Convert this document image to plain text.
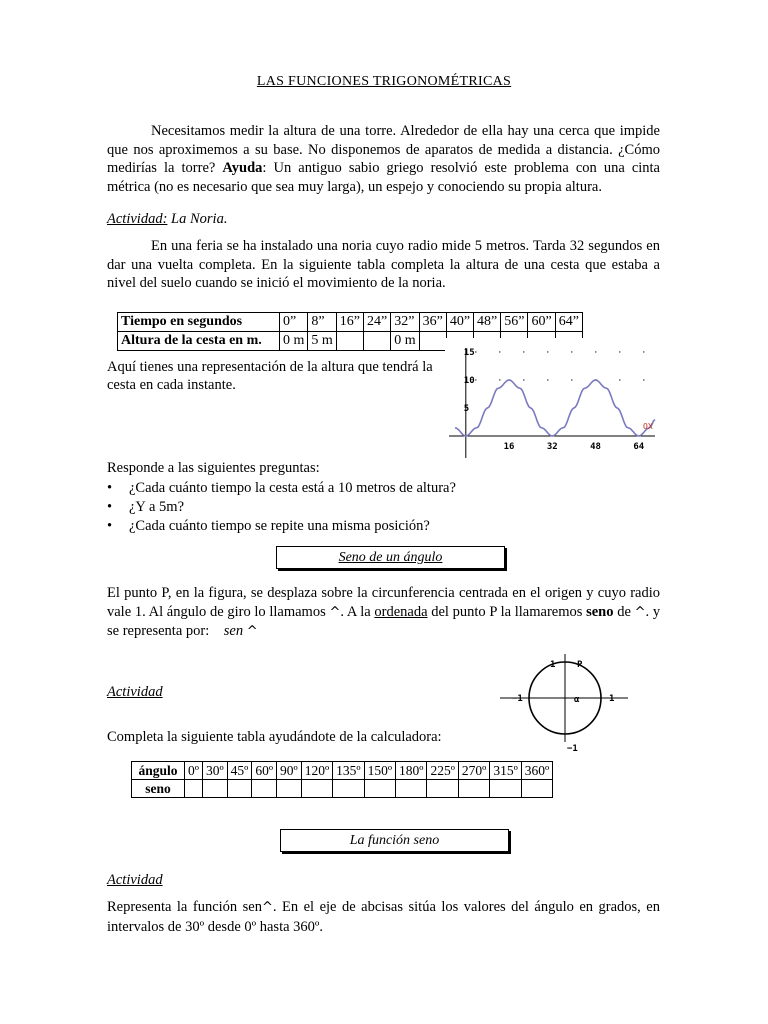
LAS FUNCIONES TRIGONOMÉTRICAS
Necesitamos medir la altura de una torre. Alrededor de ella hay una cerca que impide que nos aproximemos a su base. No disponemos de aparatos de medida a distancia. ¿Cómo medirías la torre? Ayuda: Un antiguo sabio griego resolvió este problema con una cinta métrica (no es necesario que sea muy larga), un espejo y conociendo su propia altura.
Actividad: La Noria.
En una feria se ha instalado una noria cuyo radio mide 5 metros. Tarda 32 segundos en dar una vuelta completa. En la siguiente tabla completa la altura de una cesta que estaba a nivel del suelo cuando se inició el movimiento de la noria.
Tiempo en segundos	0”	8”	16”	24”	32”	36”	40”	48”	56”	60”	64”
Altura de la cesta en m.	0 m	5 m			0 m						
15
10
5
16	32	48	64
OX
Aquí tienes una representación de la altura que tendrá la cesta en cada instante.
Responde a las siguientes preguntas:
• ¿Cada cuánto tiempo la cesta está a 10 metros de altura?
• ¿Y a 5m?
• ¿Cada cuánto tiempo se repite una misma posición?
Seno de un ángulo
El punto P, en la figura, se desplaza sobre la circunferencia centrada en el origen y cuyo radio vale 1. Al ángulo de giro lo llamamos ^. A la ordenada del punto P la llamaremos seno de ^. y se representa por: sen ^
1 P
−1	1
α
−1
Actividad
Completa la siguiente tabla ayudándote de la calculadora:
ángulo	0º	30º	45º	60º	90º	120º	135º	150º	180º	225º	270º	315º	360º
seno													
La función seno
Actividad
Representa la función sen^. En el eje de abcisas sitúa los valores del ángulo en grados, en intervalos de 30º desde 0º hasta 360º.
